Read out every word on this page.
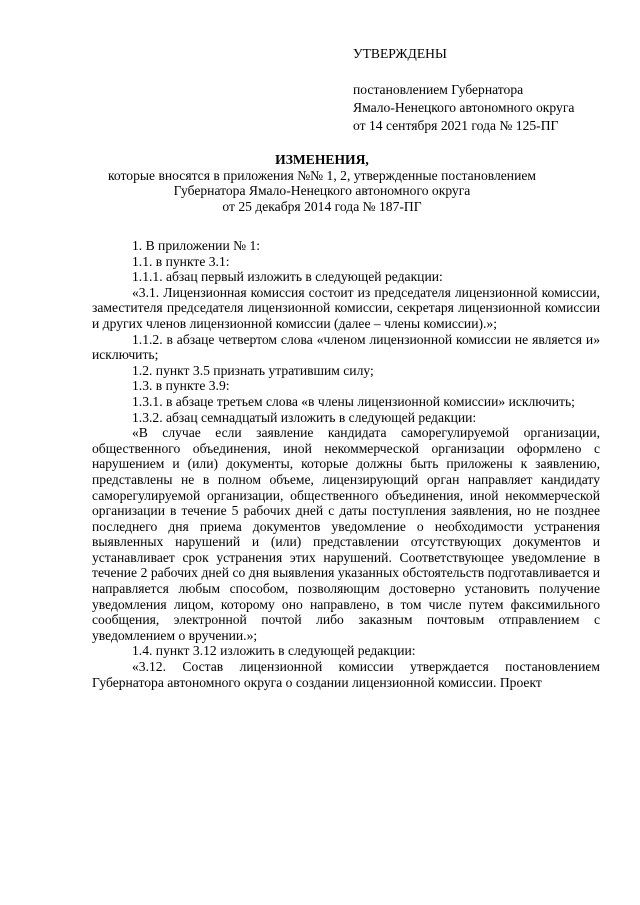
УТВЕРЖДЕНЫ
постановлением Губернатора
Ямало-Ненецкого автономного округа
от 14 сентября 2021 года № 125-ПГ
ИЗМЕНЕНИЯ,
которые вносятся в приложения №№ 1, 2, утвержденные постановлением
Губернатора Ямало-Ненецкого автономного округа
от 25 декабря 2014 года № 187-ПГ

1. В приложении № 1:

1.1. в пункте 3.1:

1.1.1. абзац первый изложить в следующей редакции:

«3.1. Лицензионная комиссия состоит из председателя лицензионной комиссии, заместителя председателя лицензионной комиссии, секретаря лицензионной комиссии и других членов лицензионной комиссии (далее – члены комиссии).»;

1.1.2. в абзаце четвертом слова «членом лицензионной комиссии не является и» исключить;

1.2. пункт 3.5 признать утратившим силу;

1.3. в пункте 3.9:

1.3.1. в абзаце третьем слова «в члены лицензионной комиссии» исключить;

1.3.2. абзац семнадцатый изложить в следующей редакции:

«В случае если заявление кандидата саморегулируемой организации, общественного объединения, иной некоммерческой организации оформлено с нарушением и (или) документы, которые должны быть приложены к заявлению, представлены не в полном объеме, лицензирующий орган направляет кандидату саморегулируемой организации, общественного объединения, иной некоммерческой организации в течение 5 рабочих дней с даты поступления заявления, но не позднее последнего дня приема документов уведомление о необходимости устранения выявленных нарушений и (или) представлении отсутствующих документов и устанавливает срок устранения этих нарушений. Соответствующее уведомление в течение 2 рабочих дней со дня выявления указанных обстоятельств подготавливается и направляется любым способом, позволяющим достоверно установить получение уведомления лицом, которому оно направлено, в том числе путем факсимильного сообщения, электронной почтой либо заказным почтовым отправлением с уведомлением о вручении.»;

1.4. пункт 3.12 изложить в следующей редакции:

«3.12. Состав лицензионной комиссии утверждается постановлением Губернатора автономного округа о создании лицензионной комиссии. Проект
